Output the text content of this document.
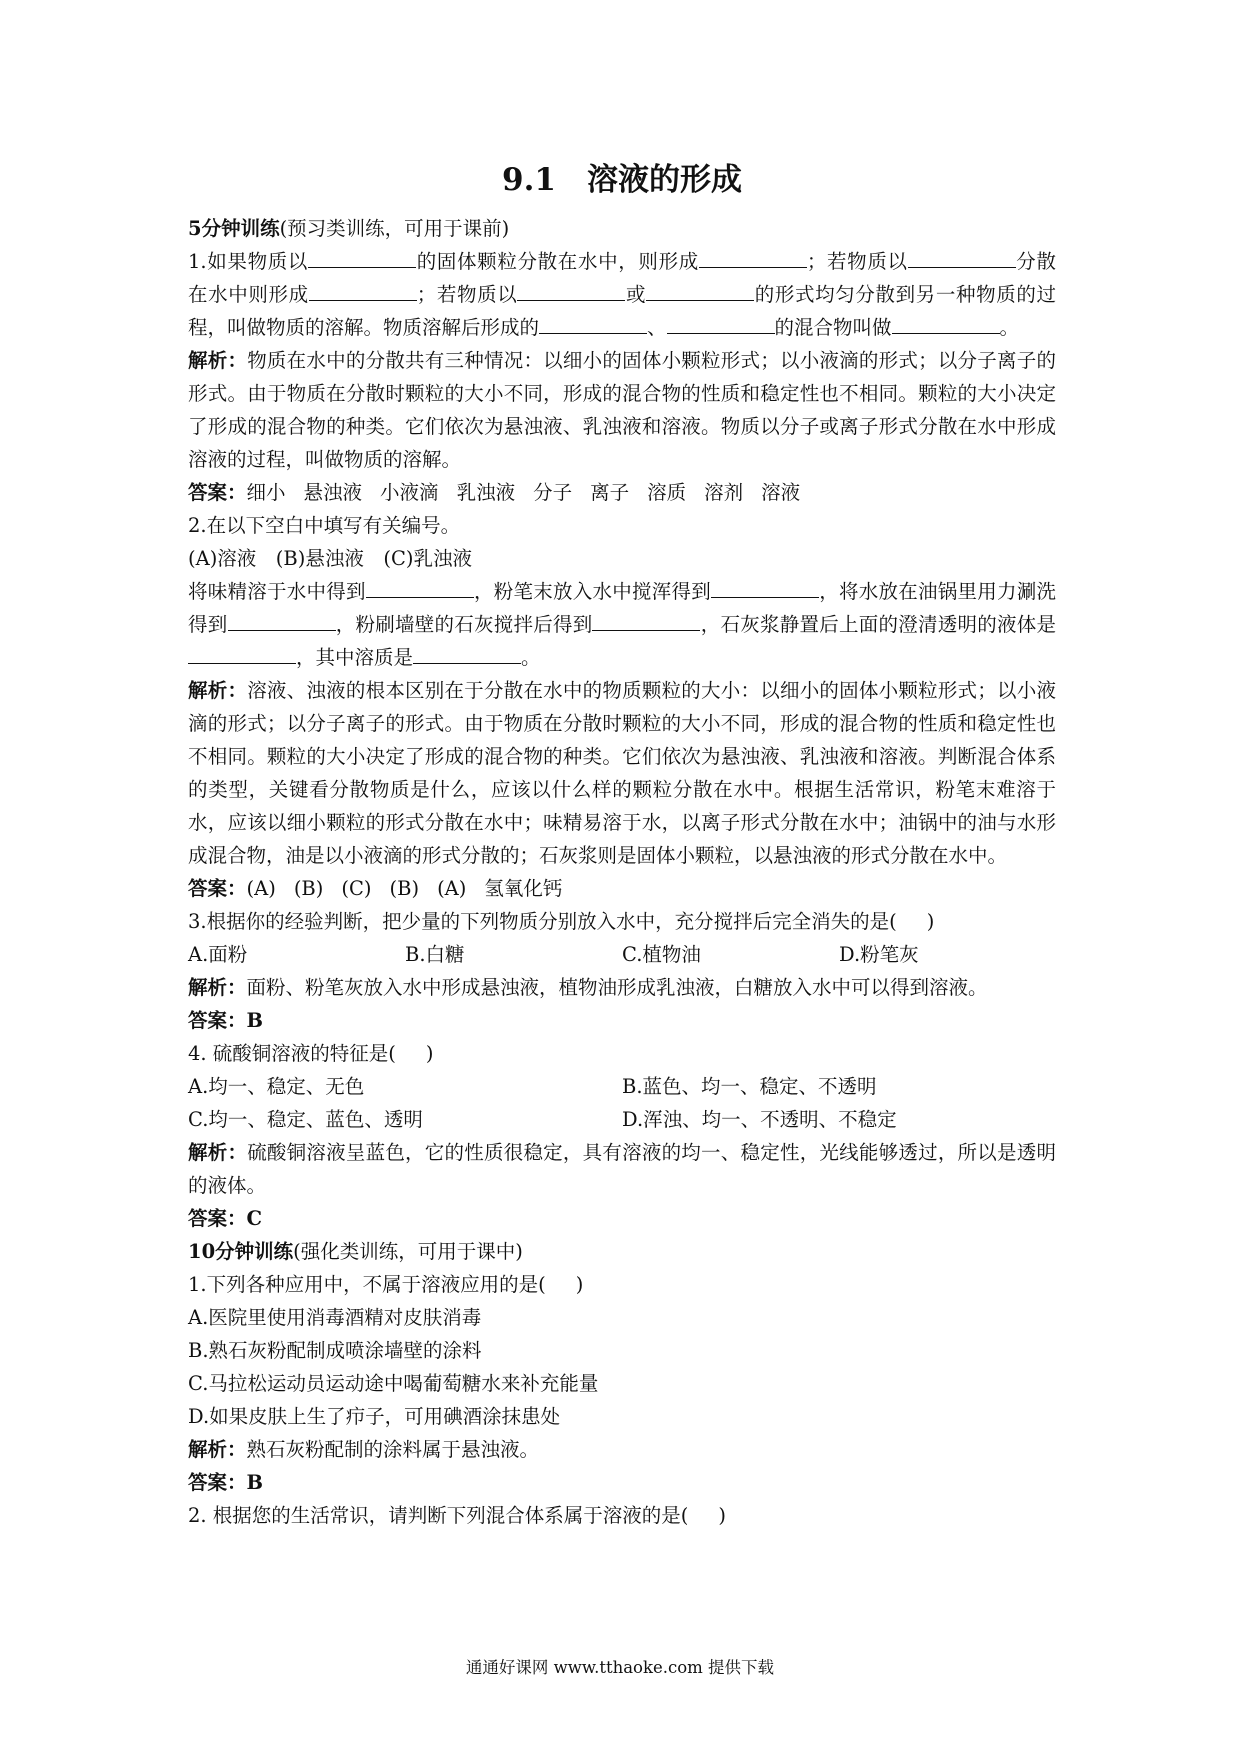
9.1　溶液的形成

5分钟训练(预习类训练，可用于课前)

1.如果物质以	的固体颗粒分散在水中，则形成	；若物质以	分散在水中则形成	；若物质以	或	的形式均匀分散到另一种物质的过程，叫做物质的溶解。物质溶解后形成的	、	的混合物叫做	。

解析：物质在水中的分散共有三种情况：以细小的固体小颗粒形式；以小液滴的形式；以分子离子的形式。由于物质在分散时颗粒的大小不同，形成的混合物的性质和稳定性也不相同。颗粒的大小决定了形成的混合物的种类。它们依次为悬浊液、乳浊液和溶液。物质以分子或离子形式分散在水中形成溶液的过程，叫做物质的溶解。

答案：细小 悬浊液 小液滴 乳浊液 分子 离子 溶质 溶剂 溶液

2.在以下空白中填写有关编号。

(A)溶液　(B)悬浊液　(C)乳浊液

将味精溶于水中得到	，粉笔末放入水中搅浑得到	，将水放在油锅里用力涮洗得到	，粉刷墙壁的石灰搅拌后得到	，石灰浆静置后上面的澄清透明的液体是，其中溶质是	。

解析：溶液、浊液的根本区别在于分散在水中的物质颗粒的大小：以细小的固体小颗粒形式；以小液滴的形式；以分子离子的形式。由于物质在分散时颗粒的大小不同，形成的混合物的性质和稳定性也不相同。颗粒的大小决定了形成的混合物的种类。它们依次为悬浊液、乳浊液和溶液。判断混合体系的类型，关键看分散物质是什么，应该以什么样的颗粒分散在水中。根据生活常识，粉笔末难溶于水，应该以细小颗粒的形式分散在水中；味精易溶于水，以离子形式分散在水中；油锅中的油与水形成混合物，油是以小液滴的形式分散的；石灰浆则是固体小颗粒，以悬浊液的形式分散在水中。

答案：(A) (B) (C) (B) (A) 氢氧化钙

3.根据你的经验判断，把少量的下列物质分别放入水中，充分搅拌后完全消失的是( )

A.面粉	B.白糖	C.植物油	D.粉笔灰

解析：面粉、粉笔灰放入水中形成悬浊液，植物油形成乳浊液，白糖放入水中可以得到溶液。

答案：B

4. 硫酸铜溶液的特征是( )

A.均一、稳定、无色	B.蓝色、均一、稳定、不透明
C.均一、稳定、蓝色、透明	D.浑浊、均一、不透明、不稳定

解析：硫酸铜溶液呈蓝色，它的性质很稳定，具有溶液的均一、稳定性，光线能够透过，所以是透明的液体。

答案：C

10分钟训练(强化类训练，可用于课中)

1.下列各种应用中，不属于溶液应用的是( )

A.医院里使用消毒酒精对皮肤消毒

B.熟石灰粉配制成喷涂墙壁的涂料

C.马拉松运动员运动途中喝葡萄糖水来补充能量

D.如果皮肤上生了疖子，可用碘酒涂抹患处

解析：熟石灰粉配制的涂料属于悬浊液。

答案：B

2. 根据您的生活常识，请判断下列混合体系属于溶液的是( )

通通好课网 www.tthaoke.com 提供下载
